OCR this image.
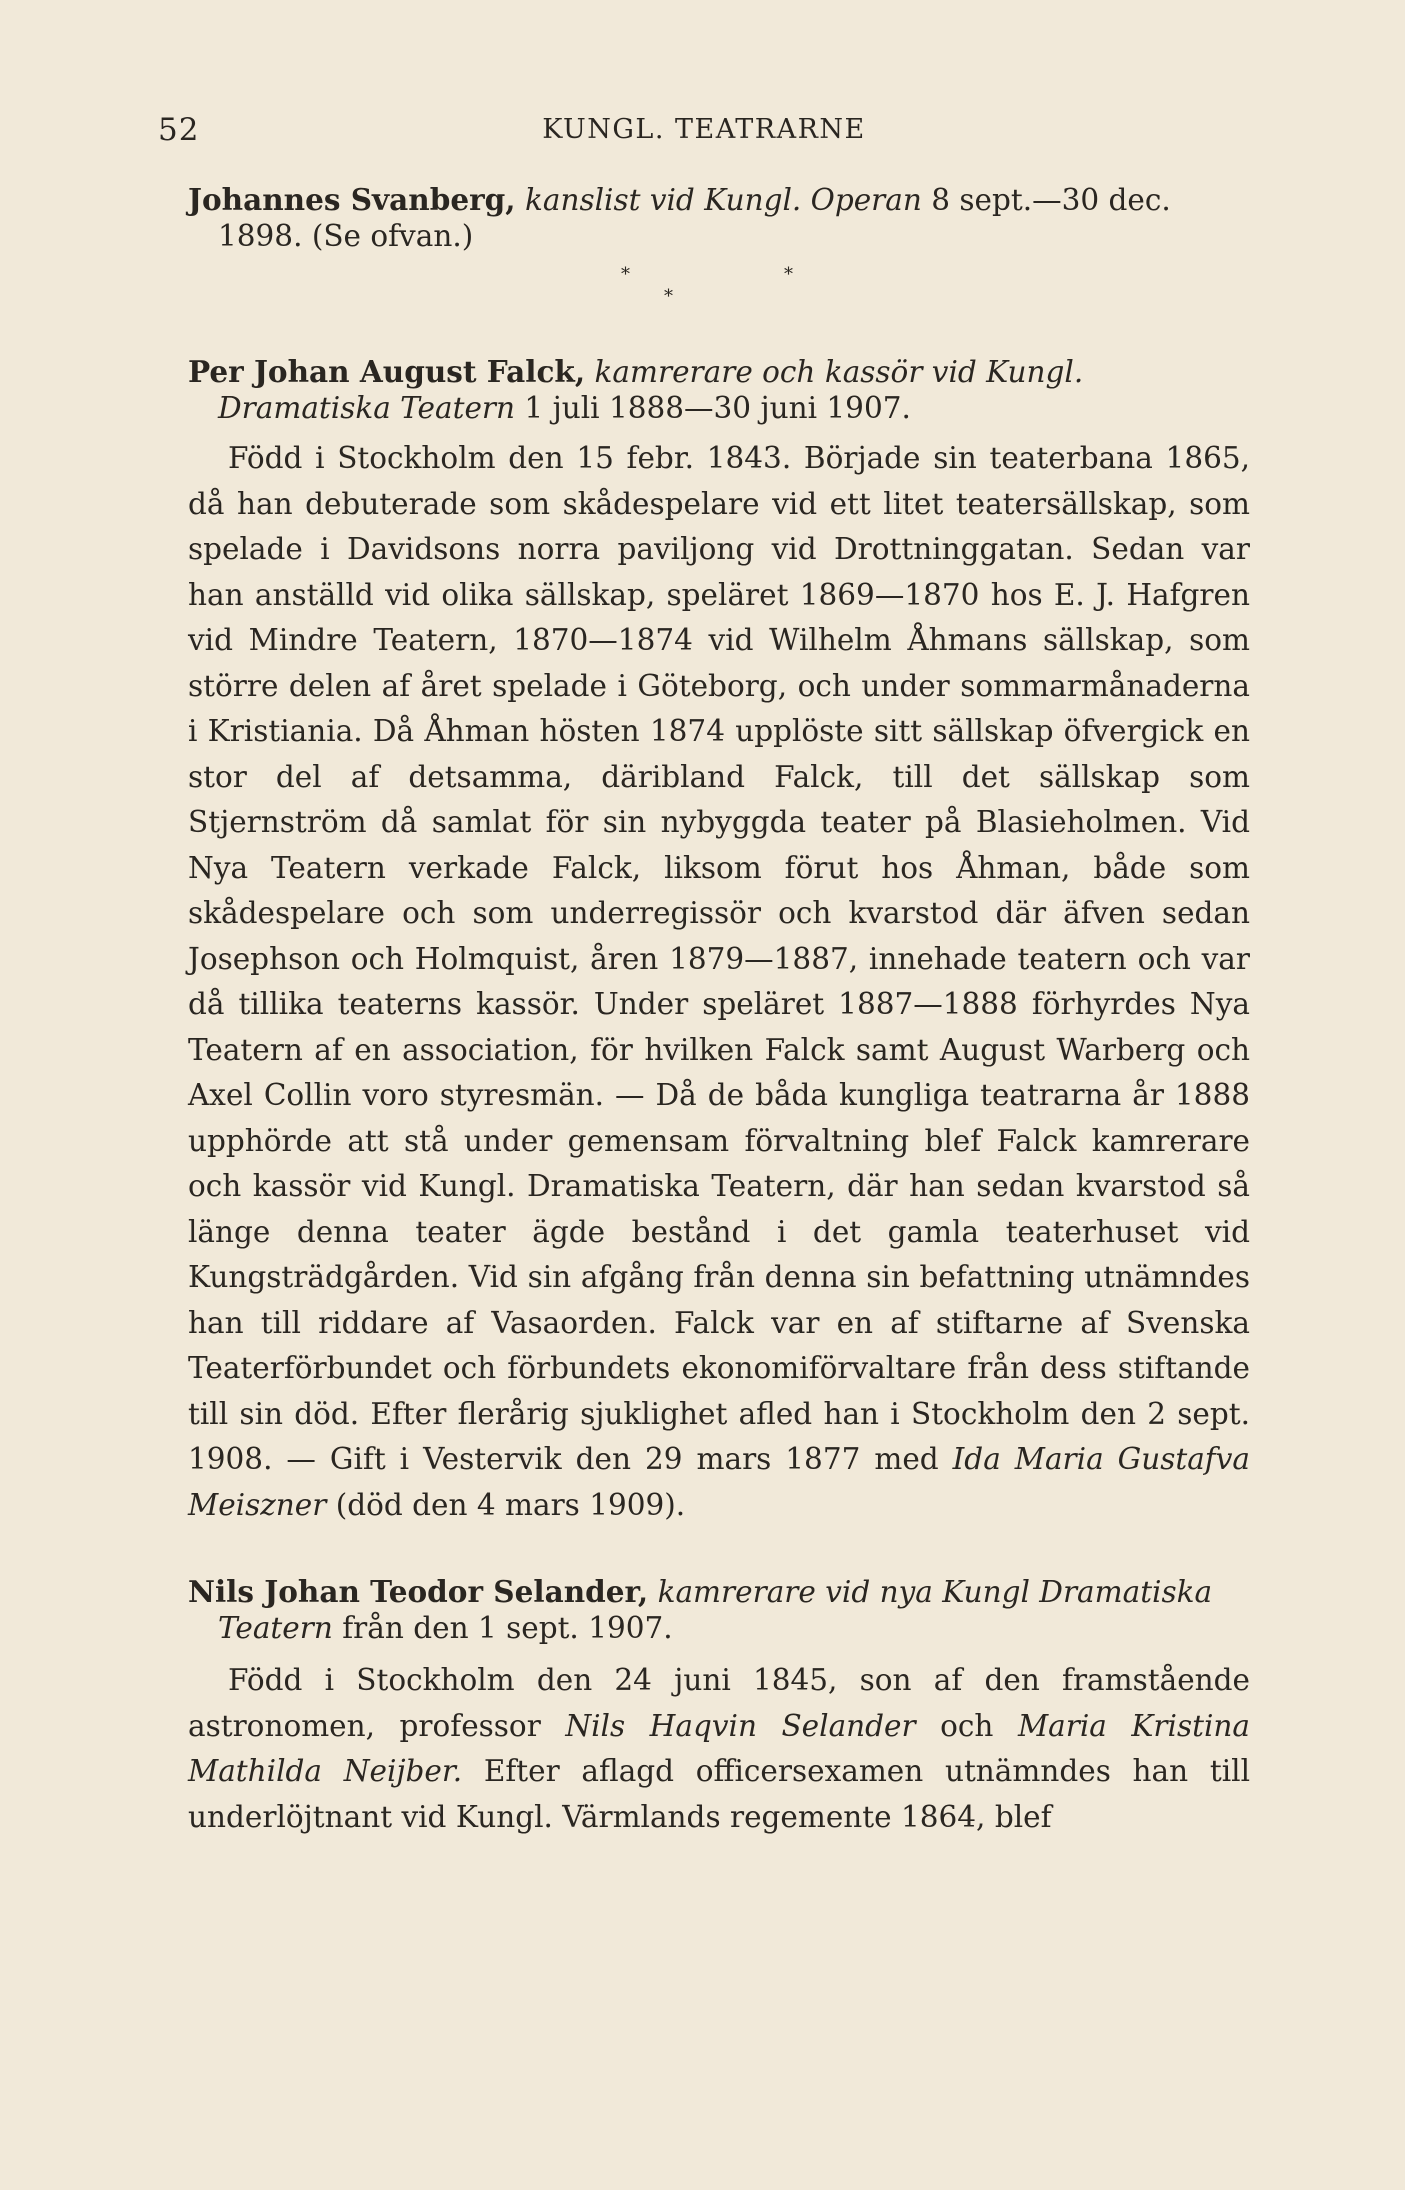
52	KUNGL. TEATRARNE

Johannes Svanberg, kanslist vid Kungl. Operan 8 sept.—30 dec. 1898. (Se ofvan.)

*
*
*

Per Johan August Falck, kamrerare och kassör vid Kungl. Dramatiska Teatern 1 juli 1888—30 juni 1907.

Född i Stockholm den 15 febr. 1843. Började sin teaterbana 1865, då han debuterade som skådespelare vid ett litet teatersällskap, som spelade i Davidsons norra paviljong vid Drottninggatan. Sedan var han anställd vid olika sällskap, speläret 1869—1870 hos E. J. Hafgren vid Mindre Teatern, 1870—1874 vid Wilhelm Åhmans sällskap, som större delen af året spelade i Göteborg, och under sommarmånaderna i Kristiania. Då Åhman hösten 1874 upplöste sitt sällskap öfvergick en stor del af detsamma, däribland Falck, till det sällskap som Stjernström då samlat för sin nybyggda teater på Blasieholmen. Vid Nya Teatern verkade Falck, liksom förut hos Åhman, både som skådespelare och som underregissör och kvarstod där äfven sedan Josephson och Holmquist, åren 1879—1887, innehade teatern och var då tillika teaterns kassör. Under speläret 1887—1888 förhyrdes Nya Teatern af en association, för hvilken Falck samt August Warberg och Axel Collin voro styresmän. — Då de båda kungliga teatrarna år 1888 upphörde att stå under gemensam förvaltning blef Falck kamrerare och kassör vid Kungl. Dramatiska Teatern, där han sedan kvarstod så länge denna teater ägde bestånd i det gamla teaterhuset vid Kungsträdgården. Vid sin afgång från denna sin befattning utnämndes han till riddare af Vasaorden. Falck var en af stiftarne af Svenska Teaterförbundet och förbundets ekonomiförvaltare från dess stiftande till sin död. Efter flerårig sjuklighet afled han i Stockholm den 2 sept. 1908. — Gift i Vestervik den 29 mars 1877 med Ida Maria Gustafva Meiszner (död den 4 mars 1909).

Nils Johan Teodor Selander, kamrerare vid nya Kungl Dramatiska Teatern från den 1 sept. 1907.

Född i Stockholm den 24 juni 1845, son af den framstående astronomen, professor Nils Haqvin Selander och Maria Kristina Mathilda Neijber. Efter aflagd officersexamen utnämndes han till underlöjtnant vid Kungl. Värmlands regemente 1864, blef
